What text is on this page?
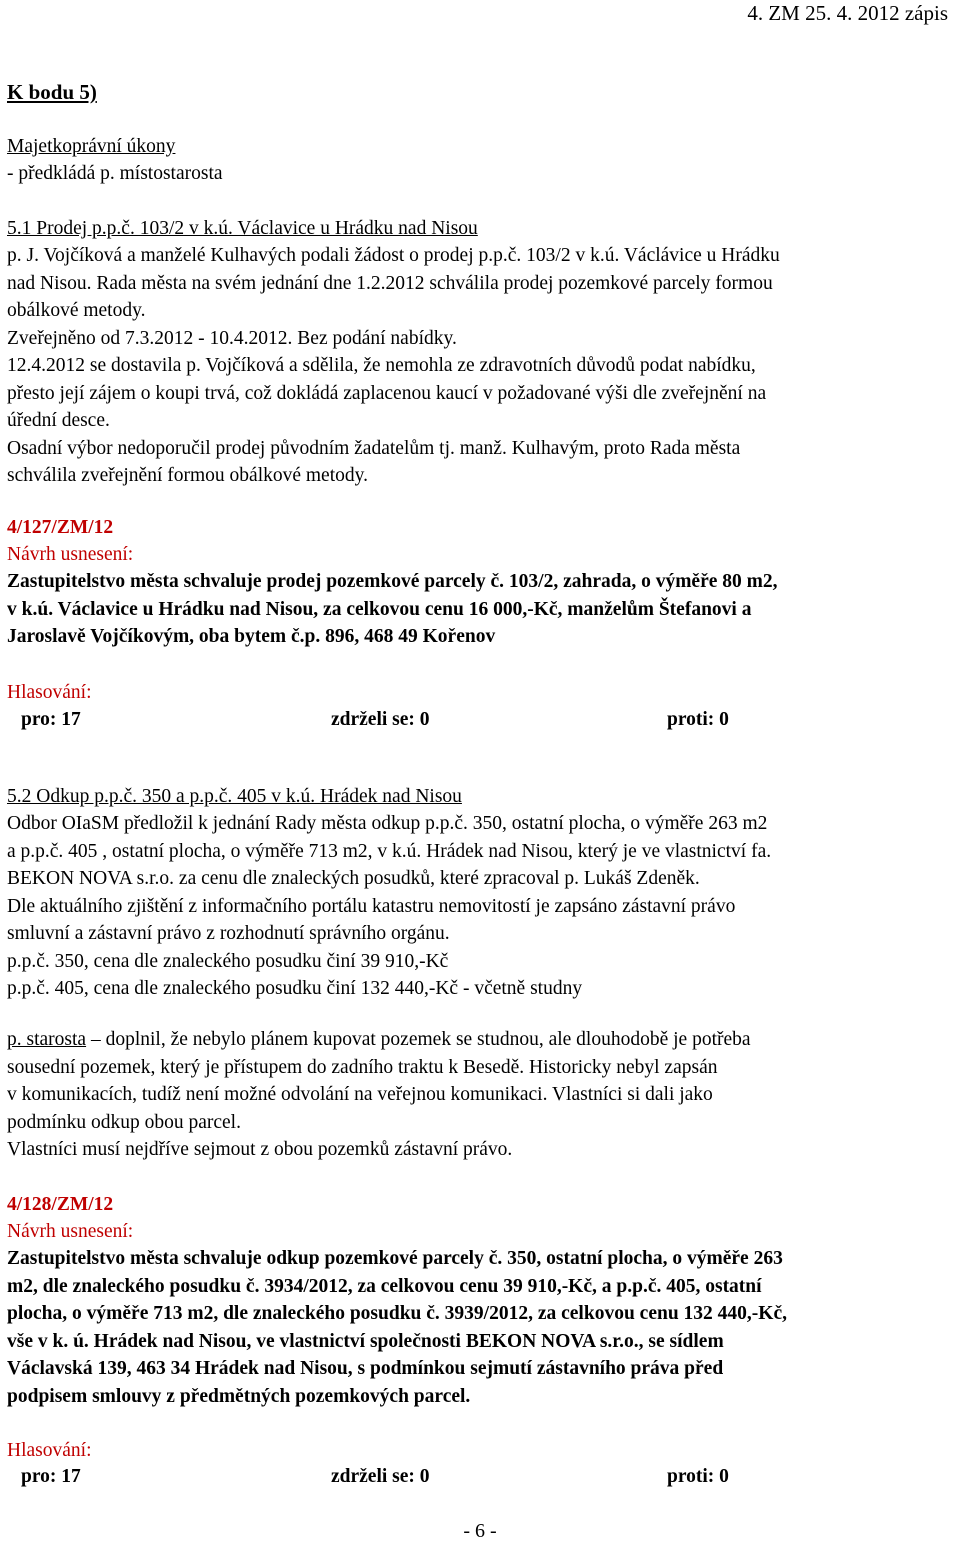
4. ZM 25. 4. 2012 zápis
K bodu 5)
Majetkoprávní úkony
- předkládá p. místostarosta
5.1 Prodej p.p.č. 103/2 v k.ú. Václavice u Hrádku nad Nisou
p. J. Vojčíková a manželé Kulhavých podali žádost o prodej p.p.č. 103/2 v k.ú. Václávice u Hrádku
nad Nisou. Rada města na svém jednání dne 1.2.2012 schválila prodej pozemkové parcely formou
obálkové metody.
Zveřejněno od 7.3.2012 - 10.4.2012. Bez podání nabídky.
12.4.2012 se dostavila p. Vojčíková a sdělila, že nemohla ze zdravotních důvodů podat nabídku,
přesto její zájem o koupi trvá, což dokládá zaplacenou kaucí v požadované výši dle zveřejnění na
úřední desce.
Osadní výbor nedoporučil prodej původním žadatelům tj. manž. Kulhavým, proto Rada města
schválila zveřejnění formou obálkové metody.
4/127/ZM/12
Návrh usnesení:
Zastupitelstvo města schvaluje prodej pozemkové parcely č. 103/2, zahrada, o výměře 80 m2,
v k.ú. Václavice u Hrádku nad Nisou, za celkovou cenu 16 000,-Kč, manželům Štefanovi a
Jaroslavě Vojčíkovým, oba bytem č.p. 896, 468 49 Kořenov
Hlasování:
pro: 17	zdrželi se: 0	proti: 0
5.2 Odkup p.p.č. 350 a p.p.č. 405 v k.ú. Hrádek nad Nisou
Odbor OIaSM předložil k jednání Rady města odkup p.p.č. 350, ostatní plocha, o výměře 263 m2
a p.p.č. 405 , ostatní plocha, o výměře 713 m2, v k.ú. Hrádek nad Nisou, který je ve vlastnictví fa.
BEKON NOVA s.r.o. za cenu dle znaleckých posudků, které zpracoval p. Lukáš Zdeněk.
Dle aktuálního zjištění z informačního portálu katastru nemovitostí je zapsáno zástavní právo
smluvní a zástavní právo z rozhodnutí správního orgánu.
p.p.č. 350, cena dle znaleckého posudku činí 39 910,-Kč
p.p.č. 405, cena dle znaleckého posudku činí 132 440,-Kč - včetně studny
p. starosta – doplnil, že nebylo plánem kupovat pozemek se studnou, ale dlouhodobě je potřeba
sousední pozemek, který je přístupem do zadního traktu k Besedě. Historicky nebyl zapsán
v komunikacích, tudíž není možné odvolání na veřejnou komunikaci. Vlastníci si dali jako
podmínku odkup obou parcel.
Vlastníci musí nejdříve sejmout z obou pozemků zástavní právo.
4/128/ZM/12
Návrh usnesení:
Zastupitelstvo města schvaluje odkup pozemkové parcely č. 350, ostatní plocha, o výměře 263
m2, dle znaleckého posudku č. 3934/2012, za celkovou cenu 39 910,-Kč, a p.p.č. 405, ostatní
plocha, o výměře 713 m2, dle znaleckého posudku č. 3939/2012, za celkovou cenu 132 440,-Kč,
vše v k. ú. Hrádek nad Nisou, ve vlastnictví společnosti BEKON NOVA s.r.o., se sídlem
Václavská 139, 463 34 Hrádek nad Nisou, s podmínkou sejmutí zástavního práva před
podpisem smlouvy z předmětných pozemkových parcel.
Hlasování:
pro: 17	zdrželi se: 0	proti: 0
- 6 -
